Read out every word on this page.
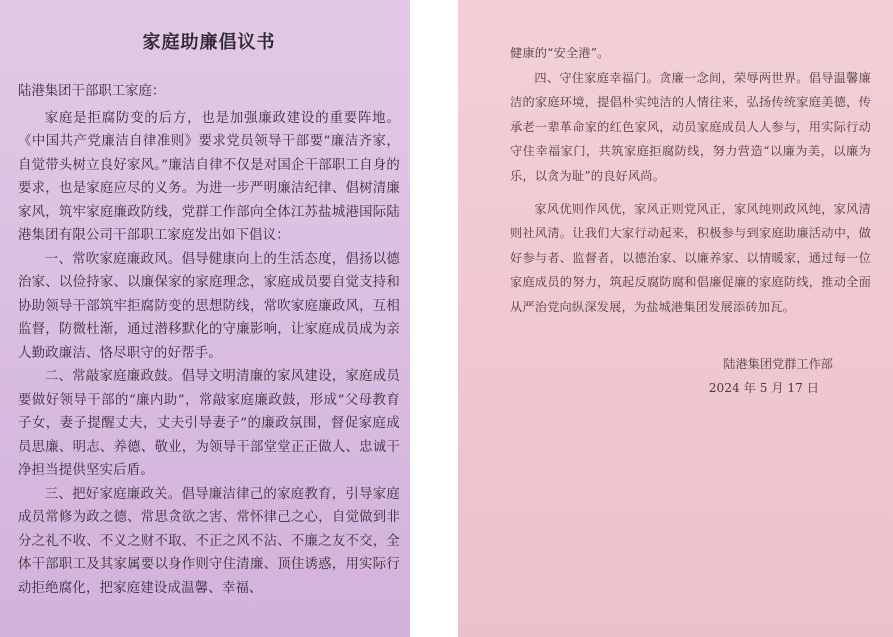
家庭助廉倡议书

陆港集团干部职工家庭：

家庭是拒腐防变的后方，也是加强廉政建设的重要阵地。《中国共产党廉洁自律准则》要求党员领导干部要“廉洁齐家，自觉带头树立良好家风。”廉洁自律不仅是对国企干部职工自身的要求，也是家庭应尽的义务。为进一步严明廉洁纪律、倡树清廉家风，筑牢家庭廉政防线，党群工作部向全体江苏盐城港国际陆港集团有限公司干部职工家庭发出如下倡议：

一、常吹家庭廉政风。倡导健康向上的生活态度，倡扬以德治家、以俭持家、以廉保家的家庭理念，家庭成员要自觉支持和协助领导干部筑牢拒腐防变的思想防线，常吹家庭廉政风，互相监督，防微杜渐，通过潜移默化的守廉影响，让家庭成员成为亲人勤政廉洁、恪尽职守的好帮手。

二、常敲家庭廉政鼓。倡导文明清廉的家风建设，家庭成员要做好领导干部的“廉内助”，常敲家庭廉政鼓，形成“父母教育子女，妻子提醒丈夫，丈夫引导妻子”的廉政氛围，督促家庭成员思廉、明志、养德、敬业，为领导干部堂堂正正做人、忠诚干净担当提供坚实后盾。

三、把好家庭廉政关。倡导廉洁律己的家庭教育，引导家庭成员常修为政之德、常思贪欲之害、常怀律己之心，自觉做到非分之礼不收、不义之财不取、不正之风不沾、不廉之友不交，全体干部职工及其家属要以身作则守住清廉、顶住诱惑，用实际行动拒绝腐化，把家庭建设成温馨、幸福、

健康的“安全港”。

四、守住家庭幸福门。贪廉一念间，荣辱两世界。倡导温馨廉洁的家庭环境，提倡朴实纯洁的人情往来，弘扬传统家庭美德，传承老一辈革命家的红色家风，动员家庭成员人人参与，用实际行动守住幸福家门，共筑家庭拒腐防线，努力营造“以廉为美，以廉为乐，以贪为耻”的良好风尚。

家风优则作风优，家风正则党风正，家风纯则政风纯，家风清则社风清。让我们大家行动起来，积极参与到家庭助廉活动中，做好参与者、监督者，以德治家、以廉养家、以情暖家，通过每一位家庭成员的努力，筑起反腐防腐和倡廉促廉的家庭防线，推动全面从严治党向纵深发展，为盐城港集团发展添砖加瓦。

陆港集团党群工作部

2024 年 5 月 17 日
